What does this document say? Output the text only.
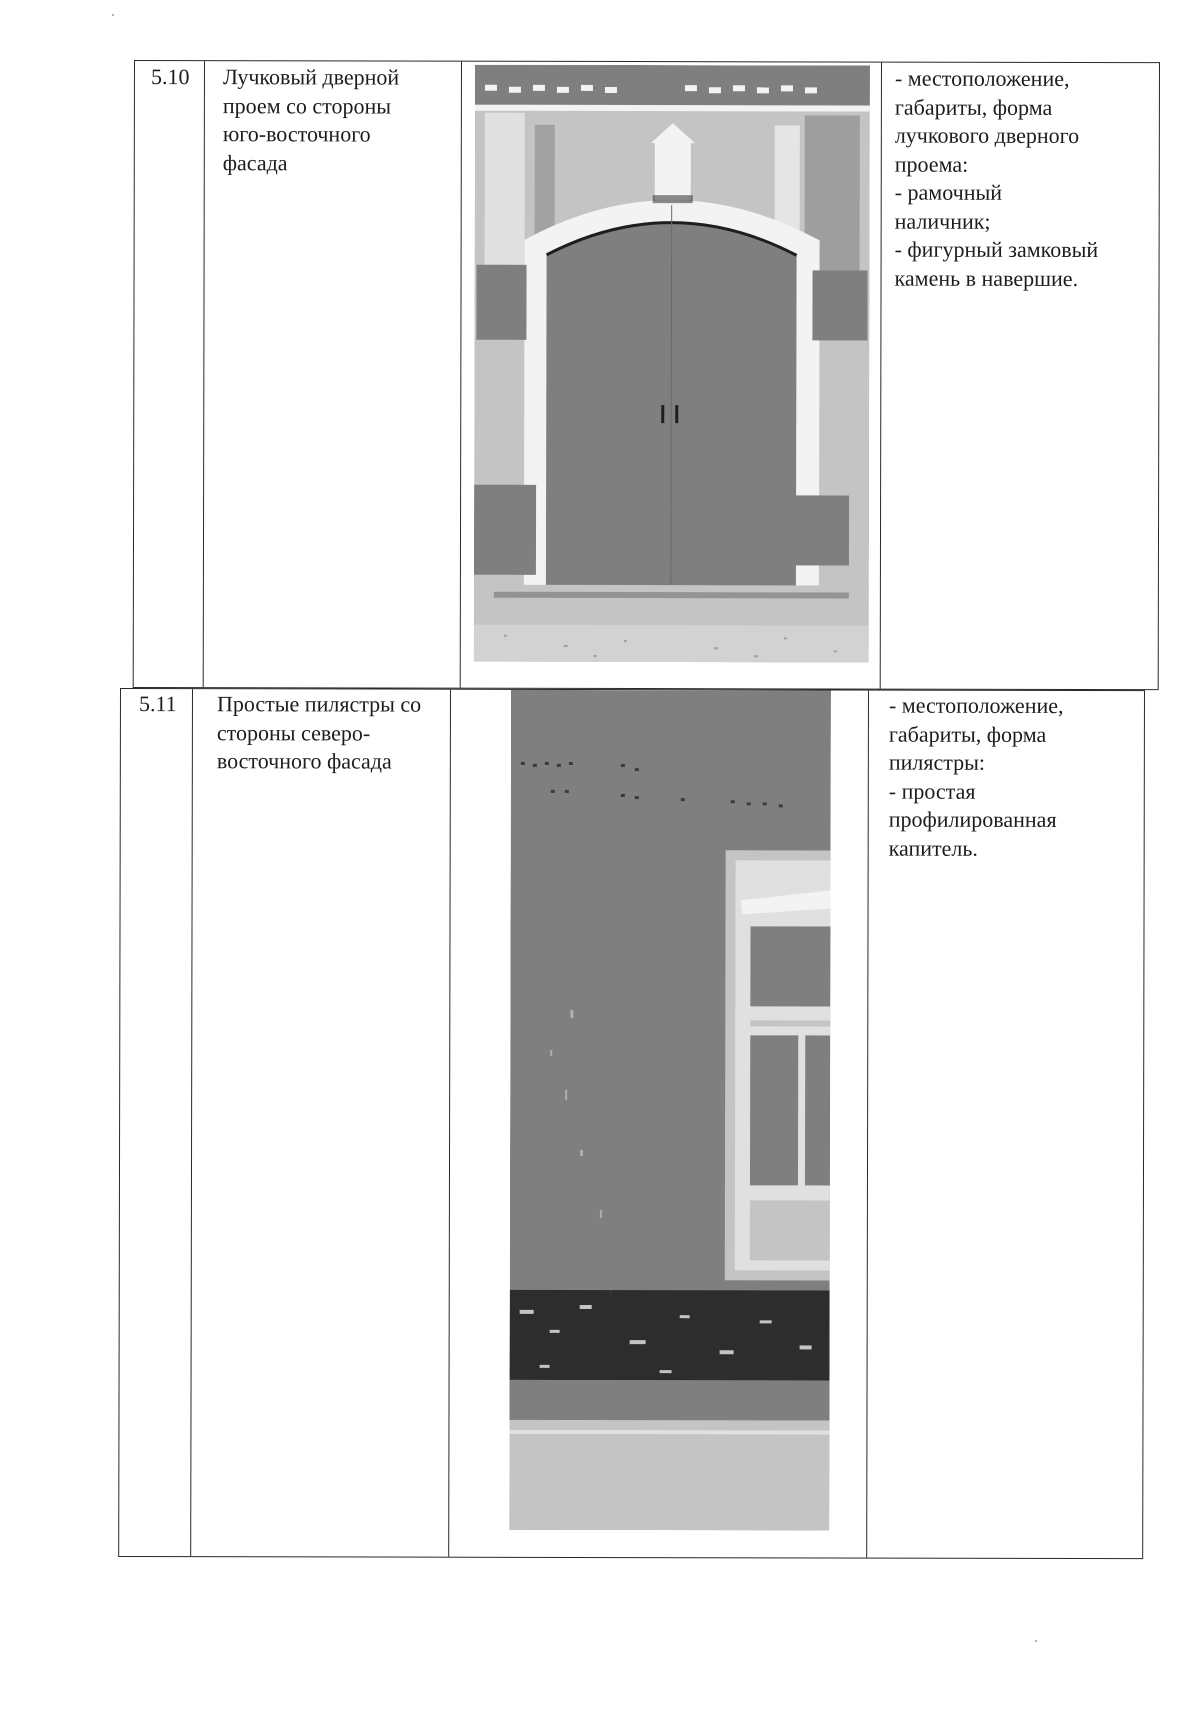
5.10 Лучковый дверной
проем со стороны
юго-восточного
фасада
- местоположение,
габариты, форма
лучкового дверного
проема:
- рамочный
наличник;
- фигурный замковый
камень в навершие.
5.11 Простые пилястры со
стороны северо-
восточного фасада
- местоположение,
габариты, форма
пилястры:
- простая
профилированная
капитель.
